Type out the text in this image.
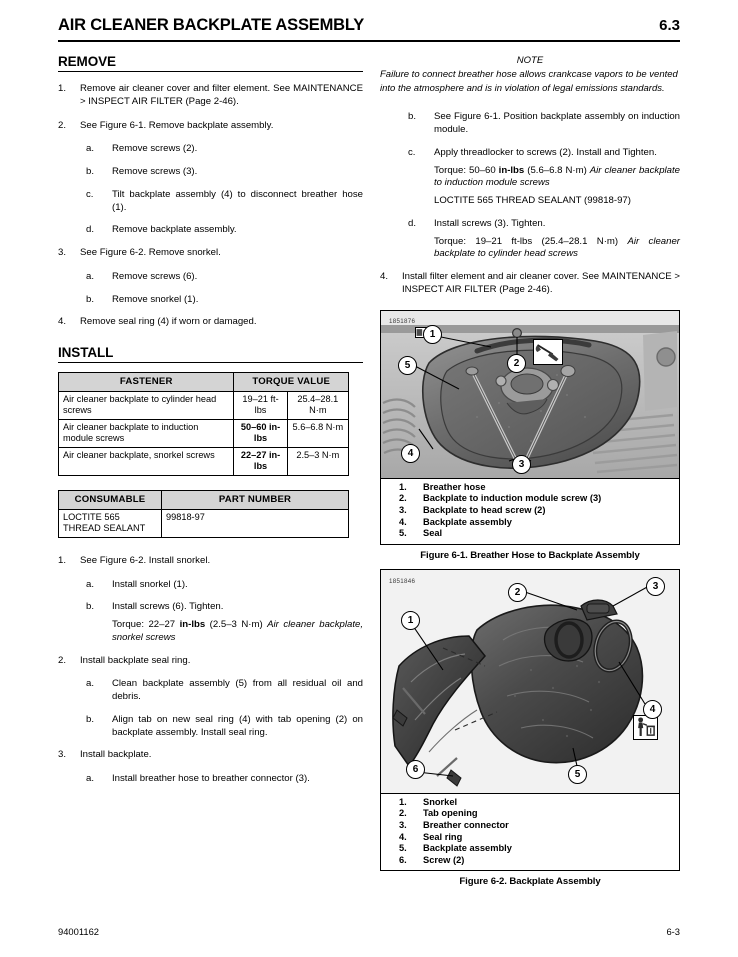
AIR CLEANER BACKPLATE ASSEMBLY	6.3
REMOVE
1.	Remove air cleaner cover and filter element. See MAINTENANCE > INSPECT AIR FILTER (Page 2-46).
2.	See Figure 6-1. Remove backplate assembly.
a.	Remove screws (2).
b.	Remove screws (3).
c.	Tilt backplate assembly (4) to disconnect breather hose (1).
d.	Remove backplate assembly.
3.	See Figure 6-2. Remove snorkel.
a.	Remove screws (6).
b.	Remove snorkel (1).
4.	Remove seal ring (4) if worn or damaged.
INSTALL
FASTENER	TORQUE VALUE	
Air cleaner backplate to cylinder head screws	19–21 ft-lbs	25.4–28.1 N·m
Air cleaner backplate to induction module screws	50–60 in-lbs	5.6–6.8 N·m
Air cleaner backplate, snorkel screws	22–27 in-lbs	2.5–3 N·m
CONSUMABLE	PART NUMBER
LOCTITE 565 THREAD SEALANT	99818-97
1.	See Figure 6-2. Install snorkel.
a.	Install snorkel (1).
b.	Install screws (6). Tighten.
Torque: 22–27 in-lbs (2.5–3 N·m) Air cleaner backplate, snorkel screws
2.	Install backplate seal ring.
a.	Clean backplate assembly (5) from all residual oil and debris.
b.	Align tab on new seal ring (4) with tab opening (2) on backplate assembly. Install seal ring.
3.	Install backplate.
a.	Install breather hose to breather connector (3).
NOTE
Failure to connect breather hose allows crankcase vapors to be vented into the atmosphere and is in violation of legal emissions standards.
b.	See Figure 6-1. Position backplate assembly on induction module.
c.	Apply threadlocker to screws (2). Install and Tighten.
Torque: 50–60 in-lbs (5.6–6.8 N·m) Air cleaner backplate to induction module screws
LOCTITE 565 THREAD SEALANT (99818-97)
d.	Install screws (3). Tighten.
Torque: 19–21 ft-lbs (25.4–28.1 N·m) Air cleaner backplate to cylinder head screws
4.	Install filter element and air cleaner cover. See MAINTENANCE > INSPECT AIR FILTER (Page 2-46).
1851876
1
2
3
4
5
1.	Breather hose
2.	Backplate to induction module screw (3)
3.	Backplate to head screw (2)
4.	Backplate assembly
5.	Seal
Figure 6-1. Breather Hose to Backplate Assembly
1851846
1
2
3
4
5
6
1.	Snorkel
2.	Tab opening
3.	Breather connector
4.	Seal ring
5.	Backplate assembly
6.	Screw (2)
Figure 6-2. Backplate Assembly
94001162	6-3
